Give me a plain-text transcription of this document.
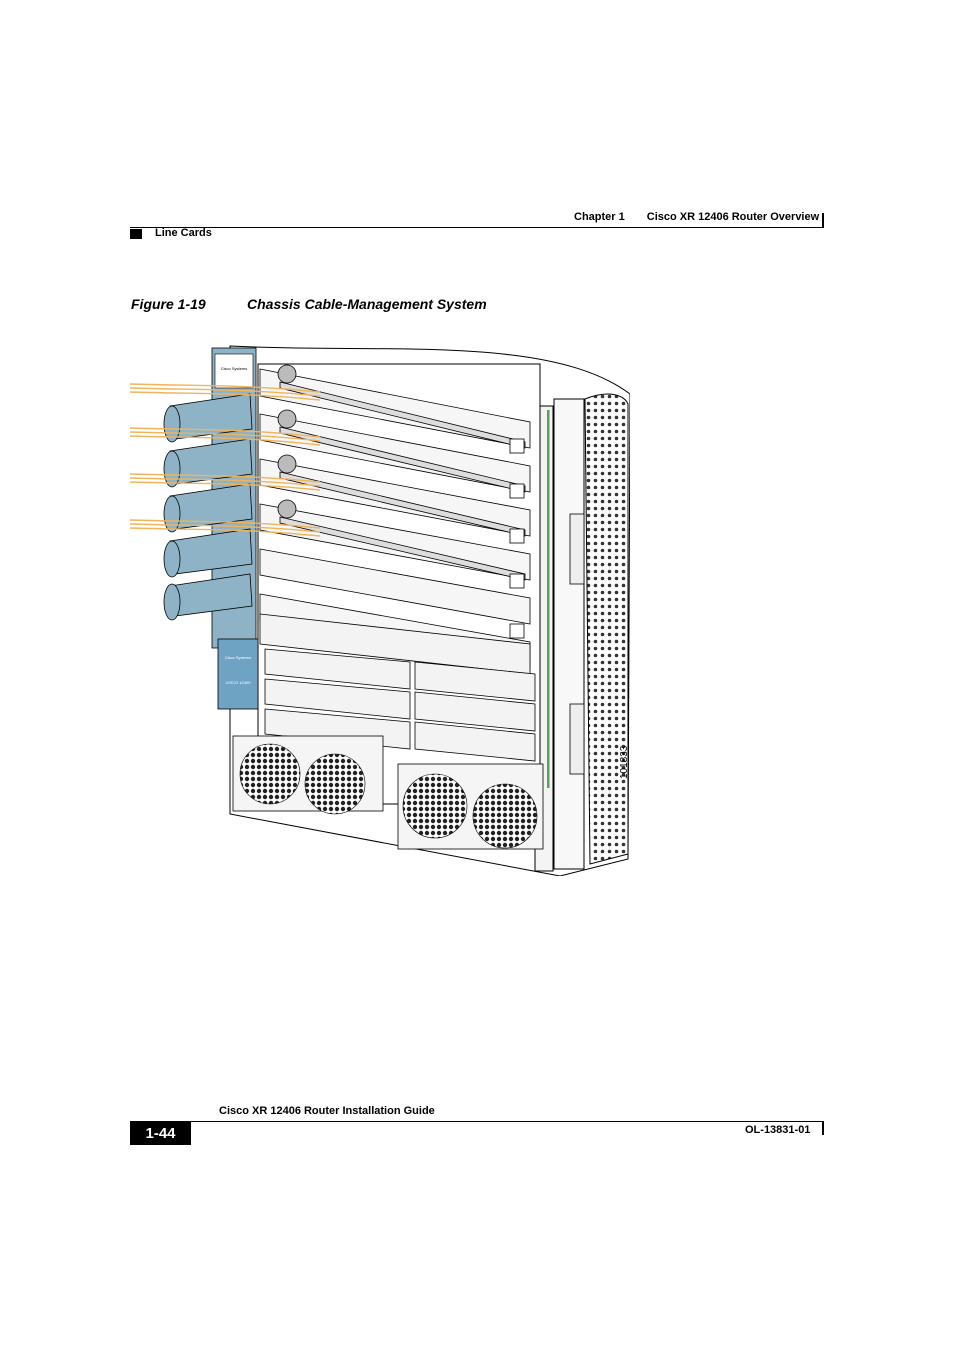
Chapter 1 Cisco XR 12406 Router Overview
Line Cards
Figure 1-19	Chassis Cable-Management System
Cisco Systems
Cisco Systems
CISCO 12400
101833
Cisco XR 12406 Router Installation Guide
1-44	OL-13831-01
